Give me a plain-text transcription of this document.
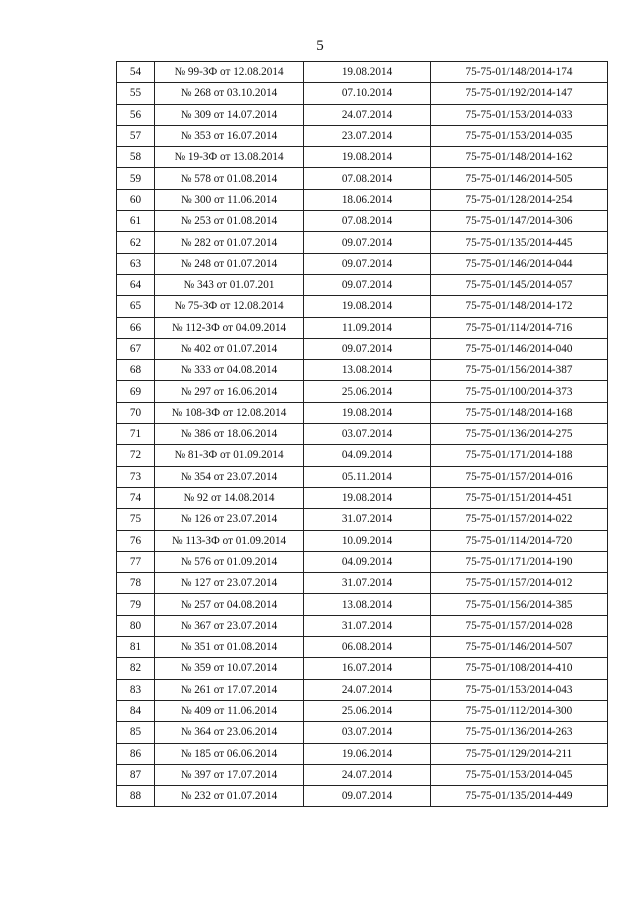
5
54	№ 99-ЗФ от 12.08.2014	19.08.2014	75-75-01/148/2014-174
55	№ 268 от 03.10.2014	07.10.2014	75-75-01/192/2014-147
56	№ 309 от 14.07.2014	24.07.2014	75-75-01/153/2014-033
57	№ 353 от 16.07.2014	23.07.2014	75-75-01/153/2014-035
58	№ 19-ЗФ от 13.08.2014	19.08.2014	75-75-01/148/2014-162
59	№ 578 от 01.08.2014	07.08.2014	75-75-01/146/2014-505
60	№ 300 от 11.06.2014	18.06.2014	75-75-01/128/2014-254
61	№ 253 от 01.08.2014	07.08.2014	75-75-01/147/2014-306
62	№ 282 от 01.07.2014	09.07.2014	75-75-01/135/2014-445
63	№ 248 от 01.07.2014	09.07.2014	75-75-01/146/2014-044
64	№ 343 от 01.07.201	09.07.2014	75-75-01/145/2014-057
65	№ 75-ЗФ от 12.08.2014	19.08.2014	75-75-01/148/2014-172
66	№ 112-ЗФ от 04.09.2014	11.09.2014	75-75-01/114/2014-716
67	№ 402 от 01.07.2014	09.07.2014	75-75-01/146/2014-040
68	№ 333 от 04.08.2014	13.08.2014	75-75-01/156/2014-387
69	№ 297 от 16.06.2014	25.06.2014	75-75-01/100/2014-373
70	№ 108-ЗФ от 12.08.2014	19.08.2014	75-75-01/148/2014-168
71	№ 386 от 18.06.2014	03.07.2014	75-75-01/136/2014-275
72	№ 81-ЗФ от 01.09.2014	04.09.2014	75-75-01/171/2014-188
73	№ 354 от 23.07.2014	05.11.2014	75-75-01/157/2014-016
74	№ 92 от 14.08.2014	19.08.2014	75-75-01/151/2014-451
75	№ 126 от 23.07.2014	31.07.2014	75-75-01/157/2014-022
76	№ 113-ЗФ от 01.09.2014	10.09.2014	75-75-01/114/2014-720
77	№ 576 от 01.09.2014	04.09.2014	75-75-01/171/2014-190
78	№ 127 от 23.07.2014	31.07.2014	75-75-01/157/2014-012
79	№ 257 от 04.08.2014	13.08.2014	75-75-01/156/2014-385
80	№ 367 от 23.07.2014	31.07.2014	75-75-01/157/2014-028
81	№ 351 от 01.08.2014	06.08.2014	75-75-01/146/2014-507
82	№ 359 от 10.07.2014	16.07.2014	75-75-01/108/2014-410
83	№ 261 от 17.07.2014	24.07.2014	75-75-01/153/2014-043
84	№ 409 от 11.06.2014	25.06.2014	75-75-01/112/2014-300
85	№ 364 от 23.06.2014	03.07.2014	75-75-01/136/2014-263
86	№ 185 от 06.06.2014	19.06.2014	75-75-01/129/2014-211
87	№ 397 от 17.07.2014	24.07.2014	75-75-01/153/2014-045
88	№ 232 от 01.07.2014	09.07.2014	75-75-01/135/2014-449
